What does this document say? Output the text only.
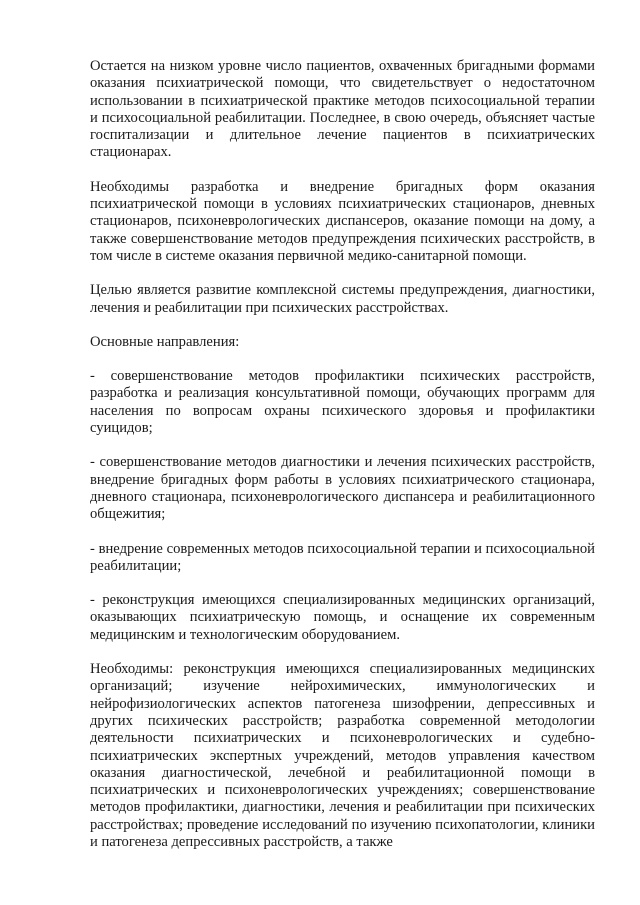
Остается на низком уровне число пациентов, охваченных бригадными формами оказания психиатрической помощи, что свидетельствует о недостаточном использовании в психиатрической практике методов психосоциальной терапии и психосоциальной реабилитации. Последнее, в свою очередь, объясняет частые госпитализации и длительное лечение пациентов в психиатрических стационарах.

Необходимы разработка и внедрение бригадных форм оказания психиатрической помощи в условиях психиатрических стационаров, дневных стационаров, психоневрологических диспансеров, оказание помощи на дому, а также совершенствование методов предупреждения психических расстройств, в том числе в системе оказания первичной медико-санитарной помощи.

Целью является развитие комплексной системы предупреждения, диагностики, лечения и реабилитации при психических расстройствах.

Основные направления:

- совершенствование методов профилактики психических расстройств, разработка и реализация консультативной помощи, обучающих программ для населения по вопросам охраны психического здоровья и профилактики суицидов;

- совершенствование методов диагностики и лечения психических расстройств, внедрение бригадных форм работы в условиях психиатрического стационара, дневного стационара, психоневрологического диспансера и реабилитационного общежития;

- внедрение современных методов психосоциальной терапии и психосоциальной реабилитации;

- реконструкция имеющихся специализированных медицинских организаций, оказывающих психиатрическую помощь, и оснащение их современным медицинским и технологическим оборудованием.

Необходимы: реконструкция имеющихся специализированных медицинских организаций; изучение нейрохимических, иммунологических и нейрофизиологических аспектов патогенеза шизофрении, депрессивных и других психических расстройств; разработка современной методологии деятельности психиатрических и психоневрологических и судебно-психиатрических экспертных учреждений, методов управления качеством оказания диагностической, лечебной и реабилитационной помощи в психиатрических и психоневрологических учреждениях; совершенствование методов профилактики, диагностики, лечения и реабилитации при психических расстройствах; проведение исследований по изучению психопатологии, клиники и патогенеза депрессивных расстройств, а также
